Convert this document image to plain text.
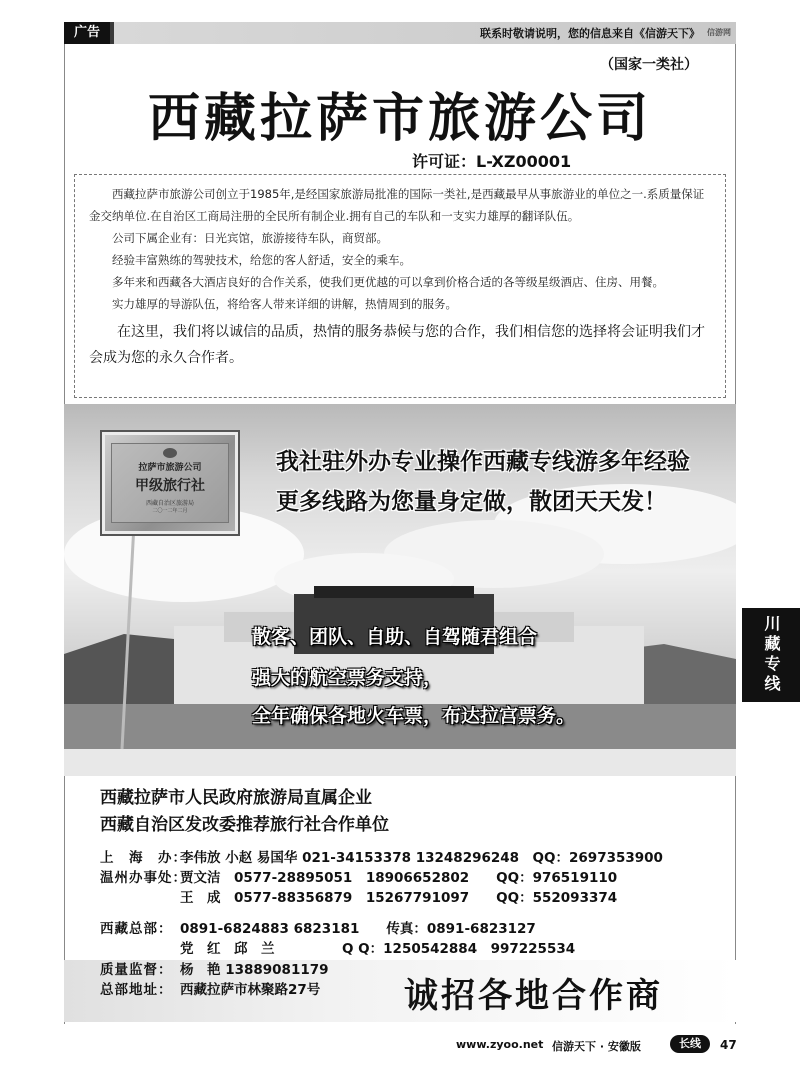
广告	联系时敬请说明，您的信息来自《信游天下》 信游网
（国家一类社）
西藏拉萨市旅游公司
许可证：L-XZ00001

西藏拉萨市旅游公司创立于1985年,是经国家旅游局批准的国际一类社,是西藏最早从事旅游业的单位之一.系质量保证金交纳单位.在自治区工商局注册的全民所有制企业.拥有自己的车队和一支实力雄厚的翻译队伍。

公司下属企业有：日光宾馆，旅游接待车队，商贸部。

经验丰富熟练的驾驶技术，给您的客人舒适，安全的乘车。

多年来和西藏各大酒店良好的合作关系，使我们更优越的可以拿到价格合适的各等级星级酒店、住房、用餐。

实力雄厚的导游队伍，将给客人带来详细的讲解，热情周到的服务。

在这里，我们将以诚信的品质，热情的服务恭候与您的合作，我们相信您的选择将会证明我们才会成为您的永久合作者。

拉萨市旅游公司
甲级旅行社
西藏自治区旅游局
二〇一二年二月
我社驻外办专业操作西藏专线游多年经验
更多线路为您量身定做，散团天天发！
散客、团队、自助、自驾随君组合
强大的航空票务支持，
全年确保各地火车票，布达拉宫票务。
川藏专线
西藏拉萨市人民政府旅游局直属企业
西藏自治区发改委推荐旅行社合作单位
上　海　办：李伟放 小赵 易国华 021-34153378 13248296248　QQ：2697353900
温州办事处：贾文洁　0577-28895051　18906652802　　QQ：976519110
王　成　0577-88356879　15267791097　　QQ：552093374
西藏总部： 0891-6824883 6823181　　传真：0891-6823127
党　红　邱　兰　　　　　Q Q：1250542884　997225534
质量监督： 杨　艳 13889081179
总部地址： 西藏拉萨市林聚路27号 诚招各地合作商
www.zyoo.net 信游天下 · 安徽版	长线	47
